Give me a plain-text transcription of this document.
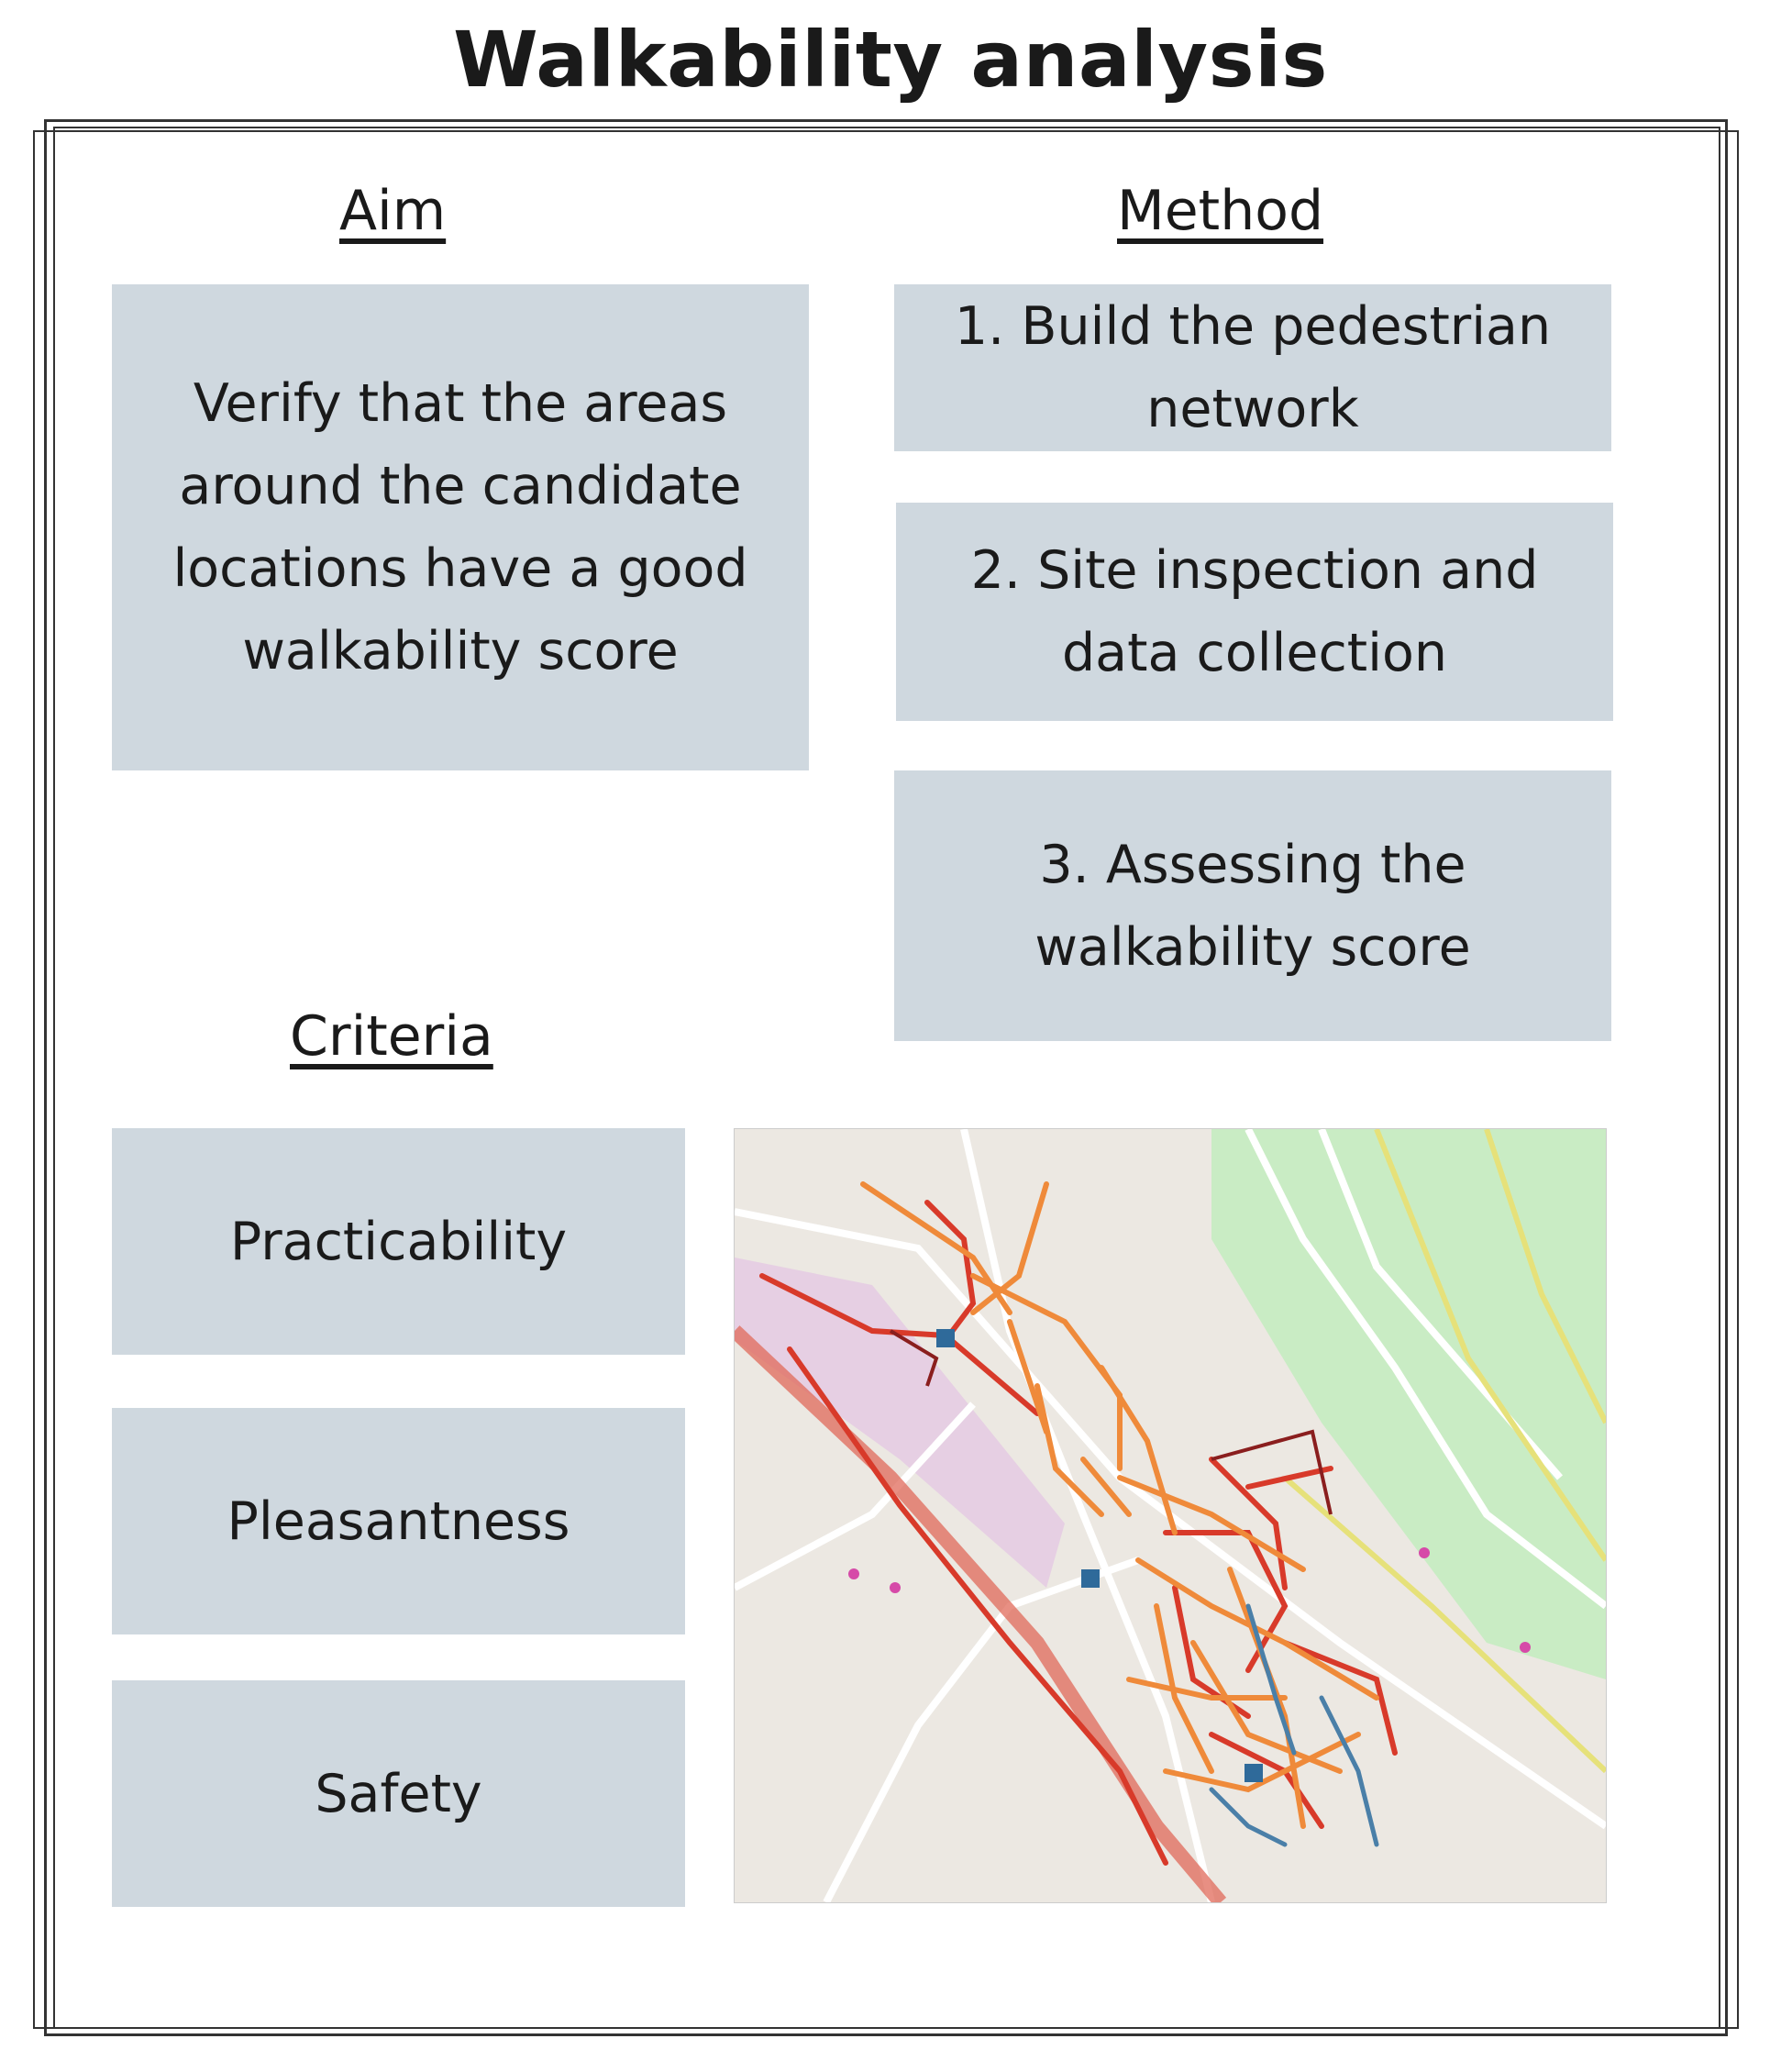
Walkability analysis
Aim
Verify that the areas around the candidate locations have a good walkability score
Method
1. Build the pedestrian network
2. Site inspection and data collection
3. Assessing the walkability score
Criteria
Practicability
Pleasantness
Safety
